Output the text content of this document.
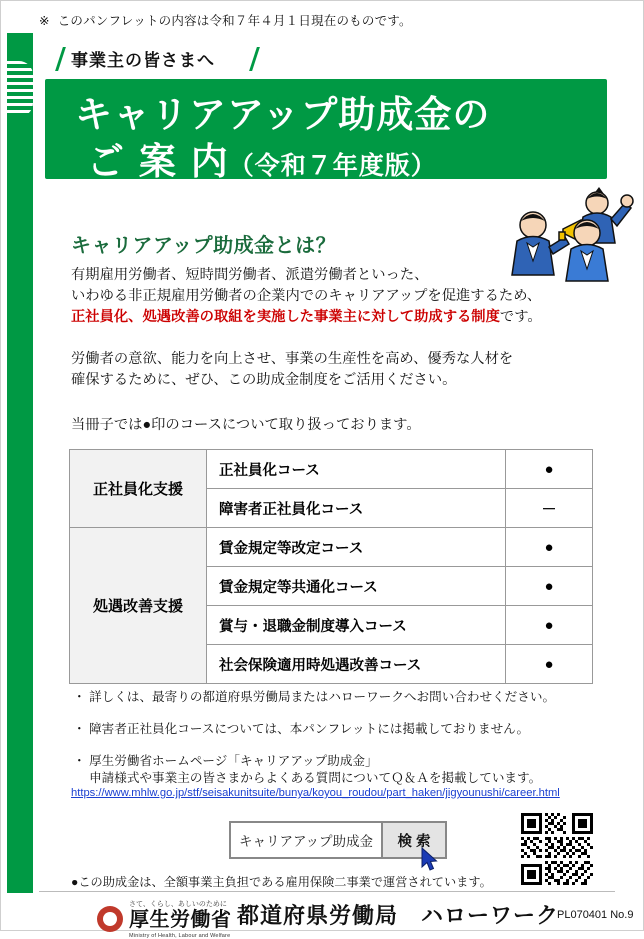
※ このパンフレットの内容は令和７年４月１日現在のものです。
事業主の皆さまへ
キャリアアップ助成金の
ご 案 内（令和７年度版）
キャリアアップ助成金とは？
有期雇用労働者、短時間労働者、派遣労働者といった、
いわゆる非正規雇用労働者の企業内でのキャリアアップを促進するため、
正社員化、処遇改善の取組を実施した事業主に対して助成する制度です。
労働者の意欲、能力を向上させ、事業の生産性を高め、優秀な人材を
確保するために、ぜひ、この助成金制度をご活用ください。
当冊子では●印のコースについて取り扱っております。
正社員化支援	正社員化コース	●
	障害者正社員化コース	－
処遇改善支援	賃金規定等改定コース	●
	賃金規定等共通化コース	●
	賞与・退職金制度導入コース	●
	社会保険適用時処遇改善コース	●
・ 詳しくは、最寄りの都道府県労働局またはハローワークへお問い合わせください。
・ 障害者正社員化コースについては、本パンフレットには掲載しておりません。
・ 厚生労働省ホームページ「キャリアアップ助成金」
　 申請様式や事業主の皆さまからよくある質問についてＱ＆Ａを掲載しています。
https://www.mhlw.go.jp/stf/seisakunitsuite/bunya/koyou_roudou/part_haken/jigyounushi/career.html
キャリアアップ助成金	検 索
●この助成金は、全額事業主負担である雇用保険二事業で運営されています。
さて、くらし、あしいのために
厚生労働省
Ministry of Health, Labour and Welfare
都道府県労働局　ハローワーク
PL070401 No.9
